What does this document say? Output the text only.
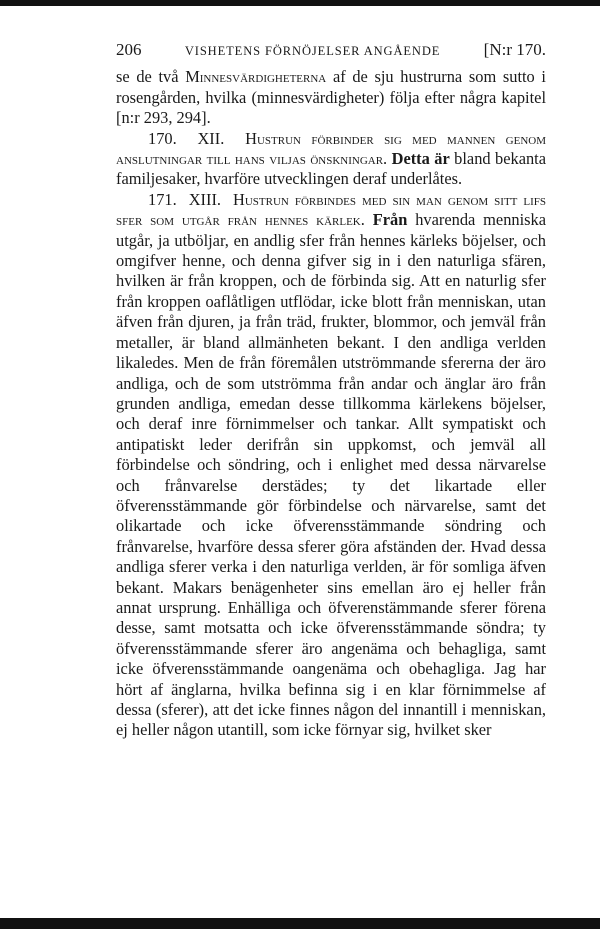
206	VISHETENS FÖRNÖJELSER ANGÅENDE	[N:r 170.

se de två Minnesvärdigheterna af de sju hustrurna som sutto i rosengården, hvilka (minnesvärdigheter) följa efter några kapitel [n:r 293, 294].

170. XII. Hustrun förbinder sig med mannen genom anslutningar till hans viljas önskningar. Detta är bland bekanta familjesaker, hvarföre utvecklingen deraf underlåtes.

171. XIII. Hustrun förbindes med sin man genom sitt lifs sfer som utgår från hennes kärlek. Från hvarenda menniska utgår, ja utböljar, en andlig sfer från hennes kärleks böjelser, och omgifver henne, och denna gifver sig in i den naturliga sfären, hvilken är från kroppen, och de förbinda sig. Att en naturlig sfer från kroppen oaflåtligen utflödar, icke blott från menniskan, utan äfven från djuren, ja från träd, frukter, blommor, och jemväl från metaller, är bland allmänheten bekant. I den andliga verlden likaledes. Men de från föremålen utströmmande sfererna der äro andliga, och de som utströmma från andar och änglar äro från grunden andliga, emedan desse tillkomma kärlekens böjelser, och deraf inre förnimmelser och tankar. Allt sympatiskt och antipatiskt leder derifrån sin uppkomst, och jemväl all förbindelse och söndring, och i enlighet med dessa närvarelse och frånvarelse derstädes; ty det likartade eller öfverensstämmande gör förbindelse och närvarelse, samt det olikartade och icke öfverensstämmande söndring och frånvarelse, hvarföre dessa sferer göra afständen der. Hvad dessa andliga sferer verka i den naturliga verlden, är för somliga äfven bekant. Makars benägenheter sins emellan äro ej heller från annat ursprung. Enhälliga och öfverenstämmande sferer förena desse, samt motsatta och icke öfverensstämmande söndra; ty öfverensstämmande sferer äro angenäma och behagliga, samt icke öfverensstämmande oangenäma och obehagliga. Jag har hört af änglarna, hvilka befinna sig i en klar förnimmelse af dessa (sferer), att det icke finnes någon del innantill i menniskan, ej heller någon utantill, som icke förnyar sig, hvilket sker
